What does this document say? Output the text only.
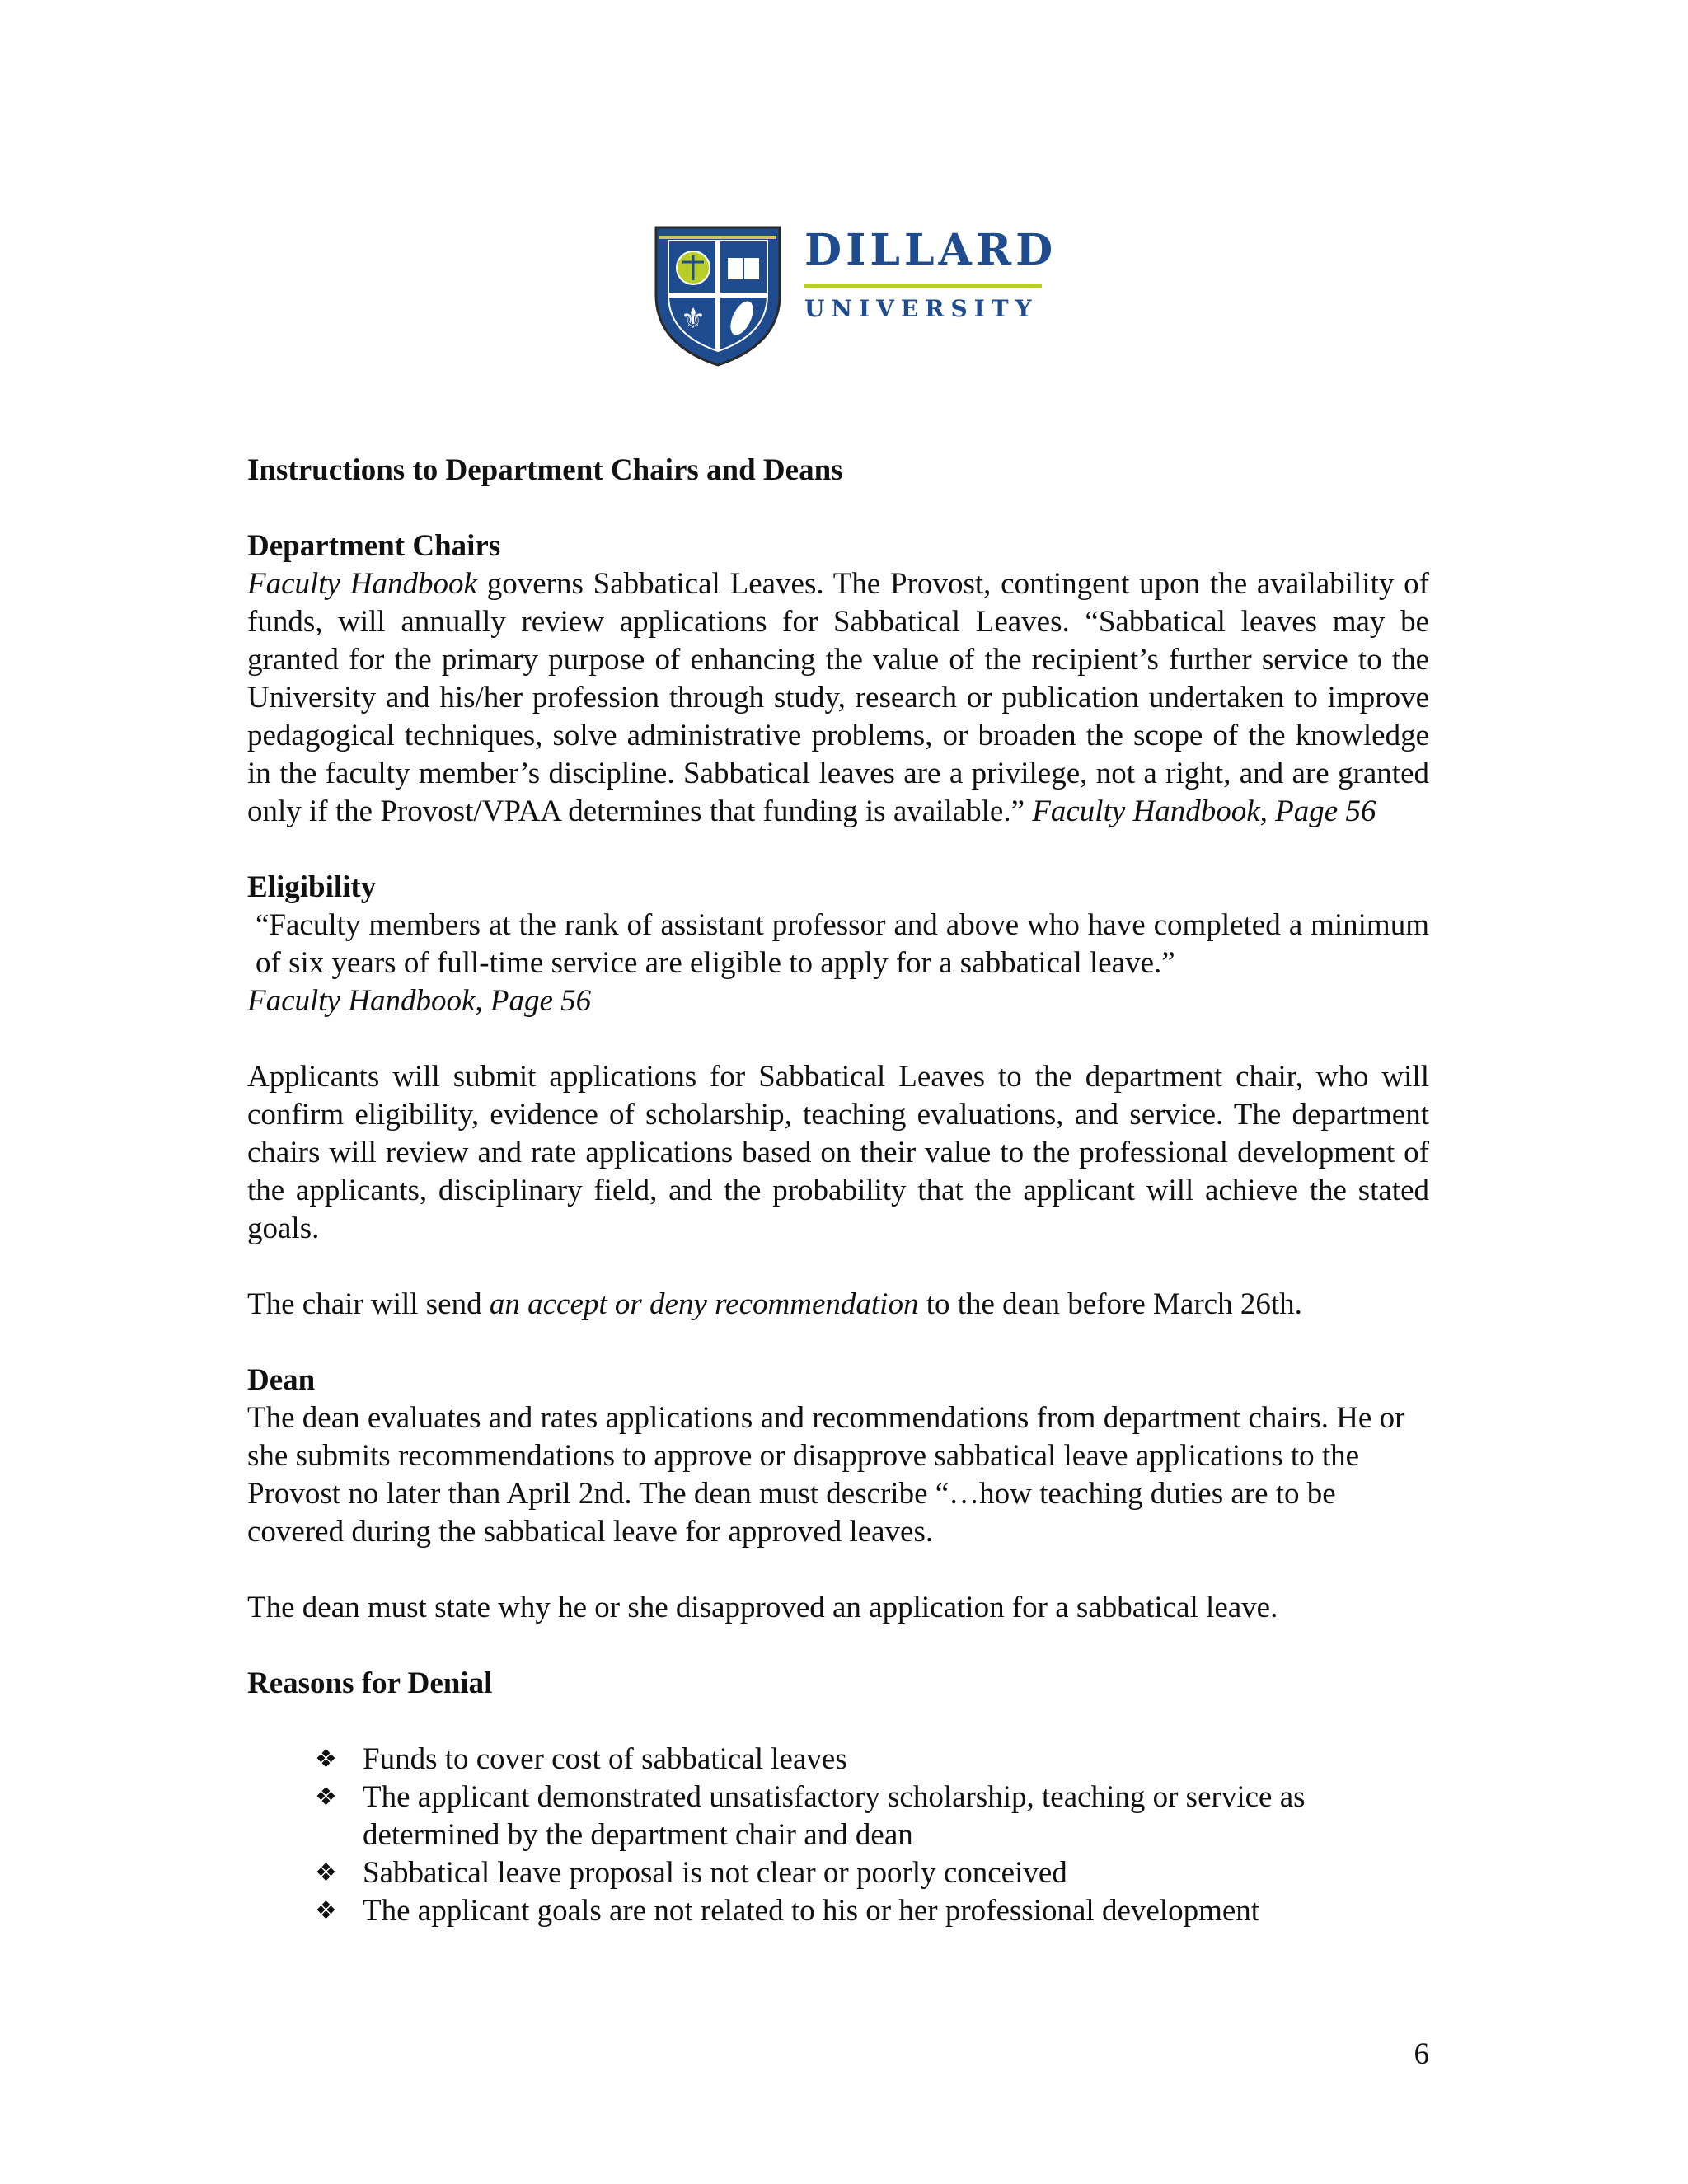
⚜
DILLARD
UNIVERSITY

Instructions to Department Chairs and Deans

Department Chairs

Faculty Handbook governs Sabbatical Leaves. The Provost, contingent upon the availability of funds, will annually review applications for Sabbatical Leaves. “Sabbatical leaves may be granted for the primary purpose of enhancing the value of the recipient’s further service to the University and his/her profession through study, research or publication undertaken to improve pedagogical techniques, solve administrative problems, or broaden the scope of the knowledge in the faculty member’s discipline. Sabbatical leaves are a privilege, not a right, and are granted only if the Provost/VPAA determines that funding is available.” Faculty Handbook, Page 56

Eligibility

“Faculty members at the rank of assistant professor and above who have completed a minimum of six years of full-time service are eligible to apply for a sabbatical leave.”

Faculty Handbook, Page 56

Applicants will submit applications for Sabbatical Leaves to the department chair, who will confirm eligibility, evidence of scholarship, teaching evaluations, and service. The department chairs will review and rate applications based on their value to the professional development of the applicants, disciplinary field, and the probability that the applicant will achieve the stated goals.

The chair will send an accept or deny recommendation to the dean before March 26th.

Dean

The dean evaluates and rates applications and recommendations from department chairs. He or she submits recommendations to approve or disapprove sabbatical leave applications to the Provost no later than April 2nd. The dean must describe “…how teaching duties are to be covered during the sabbatical leave for approved leaves.

The dean must state why he or she disapproved an application for a sabbatical leave.

Reasons for Denial

❖ Funds to cover cost of sabbatical leaves
❖ The applicant demonstrated unsatisfactory scholarship, teaching or service as determined by the department chair and dean
❖ Sabbatical leave proposal is not clear or poorly conceived
❖ The applicant goals are not related to his or her professional development
6
